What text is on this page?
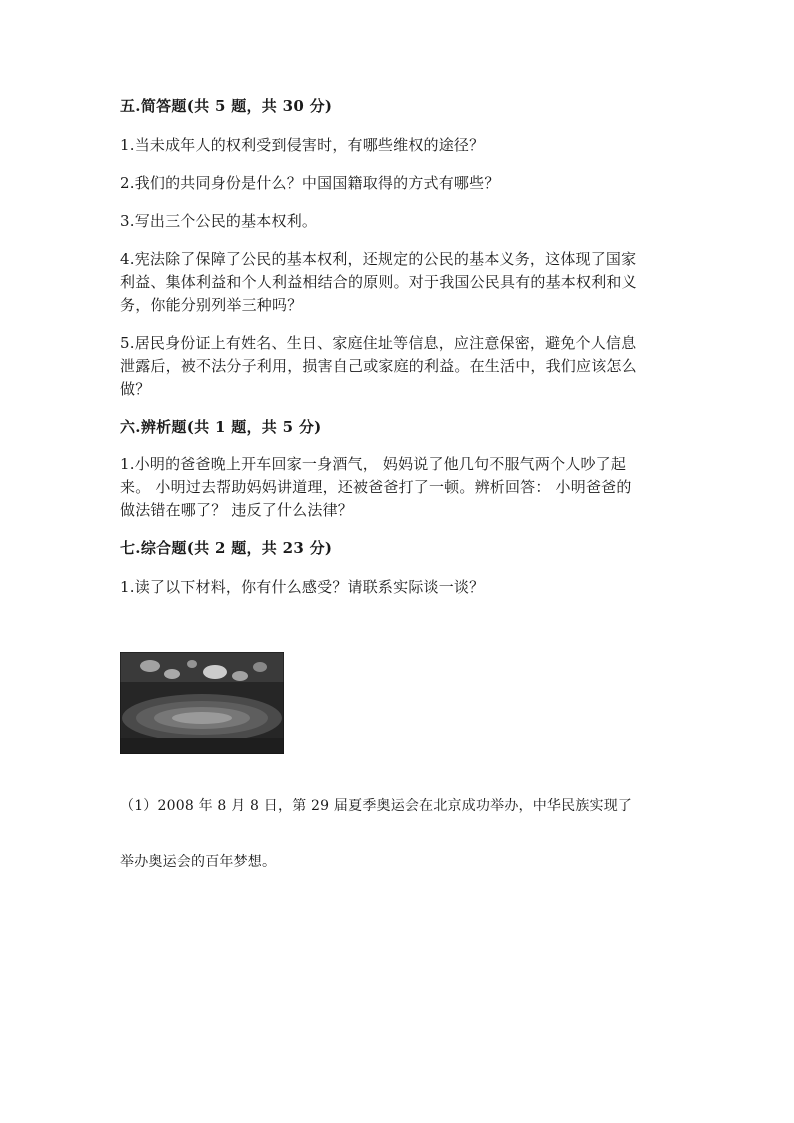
五.简答题(共 5 题，共 30 分)

1.当未成年人的权利受到侵害时，有哪些维权的途径？

2.我们的共同身份是什么？中国国籍取得的方式有哪些？

3.写出三个公民的基本权利。

4.宪法除了保障了公民的基本权利，还规定的公民的基本义务，这体现了国家

利益、集体利益和个人利益相结合的原则。对于我国公民具有的基本权利和义

务，你能分别列举三种吗？

5.居民身份证上有姓名、生日、家庭住址等信息，应注意保密，避免个人信息

泄露后，被不法分子利用，损害自己或家庭的利益。在生活中，我们应该怎么

做？

六.辨析题(共 1 题，共 5 分)

1.小明的爸爸晚上开车回家一身酒气， 妈妈说了他几句不服气两个人吵了起

来。 小明过去帮助妈妈讲道理，还被爸爸打了一顿。辨析回答： 小明爸爸的

做法错在哪了？ 违反了什么法律？

七.综合题(共 2 题，共 23 分)

1.读了以下材料，你有什么感受？请联系实际谈一谈？

（1）2008 年 8 月 8 日，第 29 届夏季奥运会在北京成功举办，中华民族实现了
举办奥运会的百年梦想。
